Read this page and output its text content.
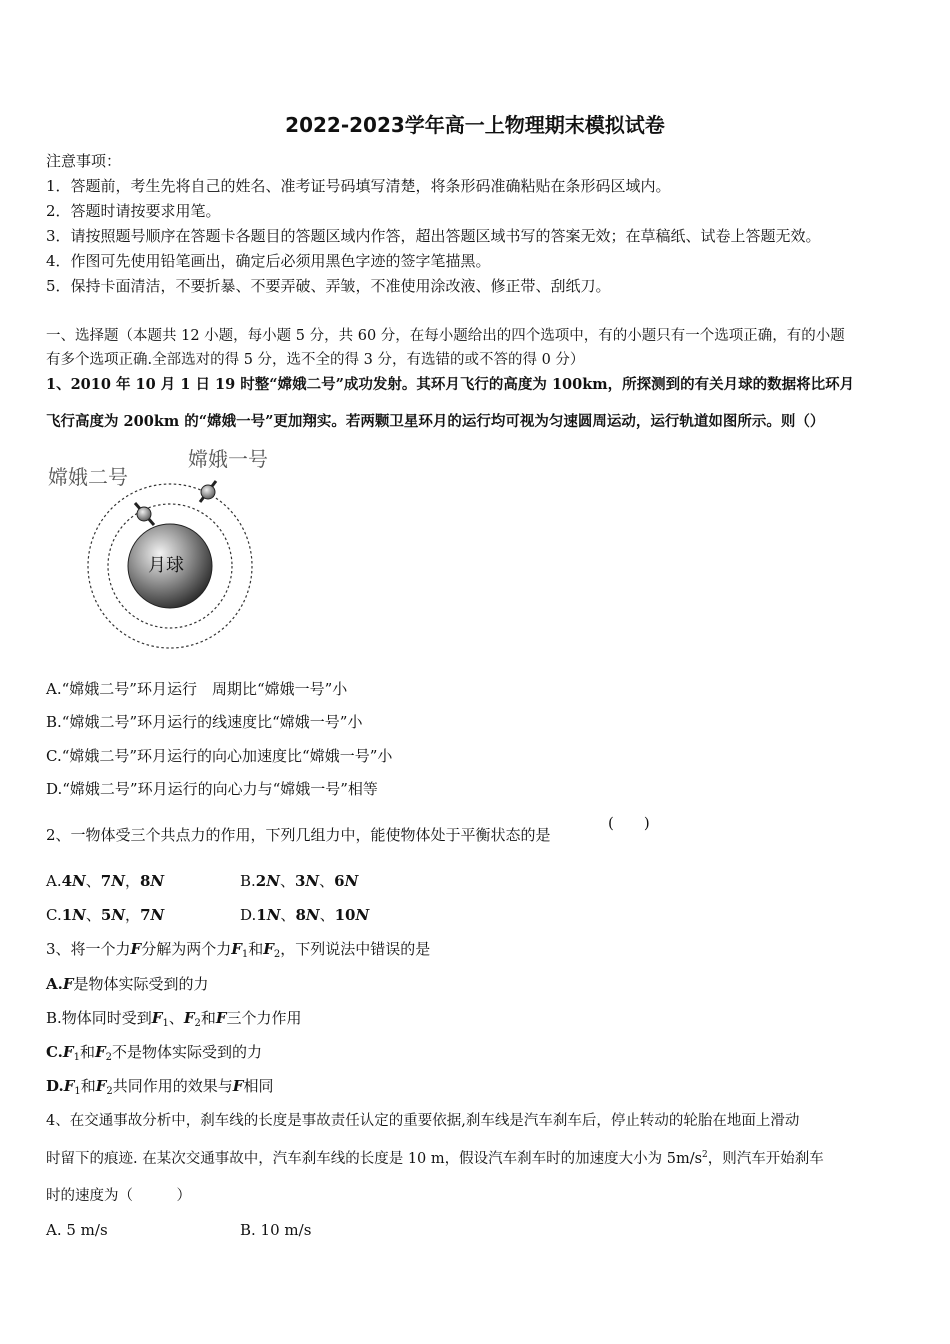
2022-2023学年高一上物理期末模拟试卷
注意事项：
1．答题前，考生先将自己的姓名、准考证号码填写清楚，将条形码准确粘贴在条形码区域内。
2．答题时请按要求用笔。
3．请按照题号顺序在答题卡各题目的答题区域内作答，超出答题区域书写的答案无效；在草稿纸、试卷上答题无效。
4．作图可先使用铅笔画出，确定后必须用黑色字迹的签字笔描黑。
5．保持卡面清洁，不要折暴、不要弄破、弄皱，不准使用涂改液、修正带、刮纸刀。
一、选择题（本题共 12 小题，每小题 5 分，共 60 分，在每小题给出的四个选项中，有的小题只有一个选项正确，有的小题
有多个选项正确.全部选对的得 5 分，选不全的得 3 分，有选错的或不答的得 0 分）
1、2010 年 10 月 1 日 19 时整“嫦娥二号”成功发射。其环月飞行的高度为 100km，所探测到的有关月球的数据将比环月
飞行高度为 200km 的“嫦娥一号”更加翔实。若两颗卫星环月的运行均可视为匀速圆周运动，运行轨道如图所示。则（）
嫦娥二号
嫦娥一号
月球
A.“嫦娥二号”环月运行　周期比“嫦娥一号”小
B.“嫦娥二号”环月运行的线速度比“嫦娥一号”小
C.“嫦娥二号”环月运行的向心加速度比“嫦娥一号”小
D.“嫦娥二号”环月运行的向心力与“嫦娥一号”相等
2、一物体受三个共点力的作用，下列几组力中，能使物体处于平衡状态的是
(　　)
A.4N、7N，8N	B.2N、3N、6N
C.1N、5N，7N	D.1N、8N、10N
3、将一个力F分解为两个力$F_1$和$F_2$，下列说法中错误的是
A.F是物体实际受到的力
B.物体同时受到$F_1$、$F_2$和F三个力作用
$C.F_1$和$F_2$不是物体实际受到的力
$D.F_1$和$F_2$共同作用的效果与F相同
4、在交通事故分析中，刹车线的长度是事故责任认定的重要依据,刹车线是汽车刹车后，停止转动的轮胎在地面上滑动
时留下的痕迹. 在某次交通事故中，汽车刹车线的长度是 10 m，假设汽车刹车时的加速度大小为 $5m/s^2$，则汽车开始刹车
时的速度为（　　　）
A. 5 m/s	B. 10 m/s
